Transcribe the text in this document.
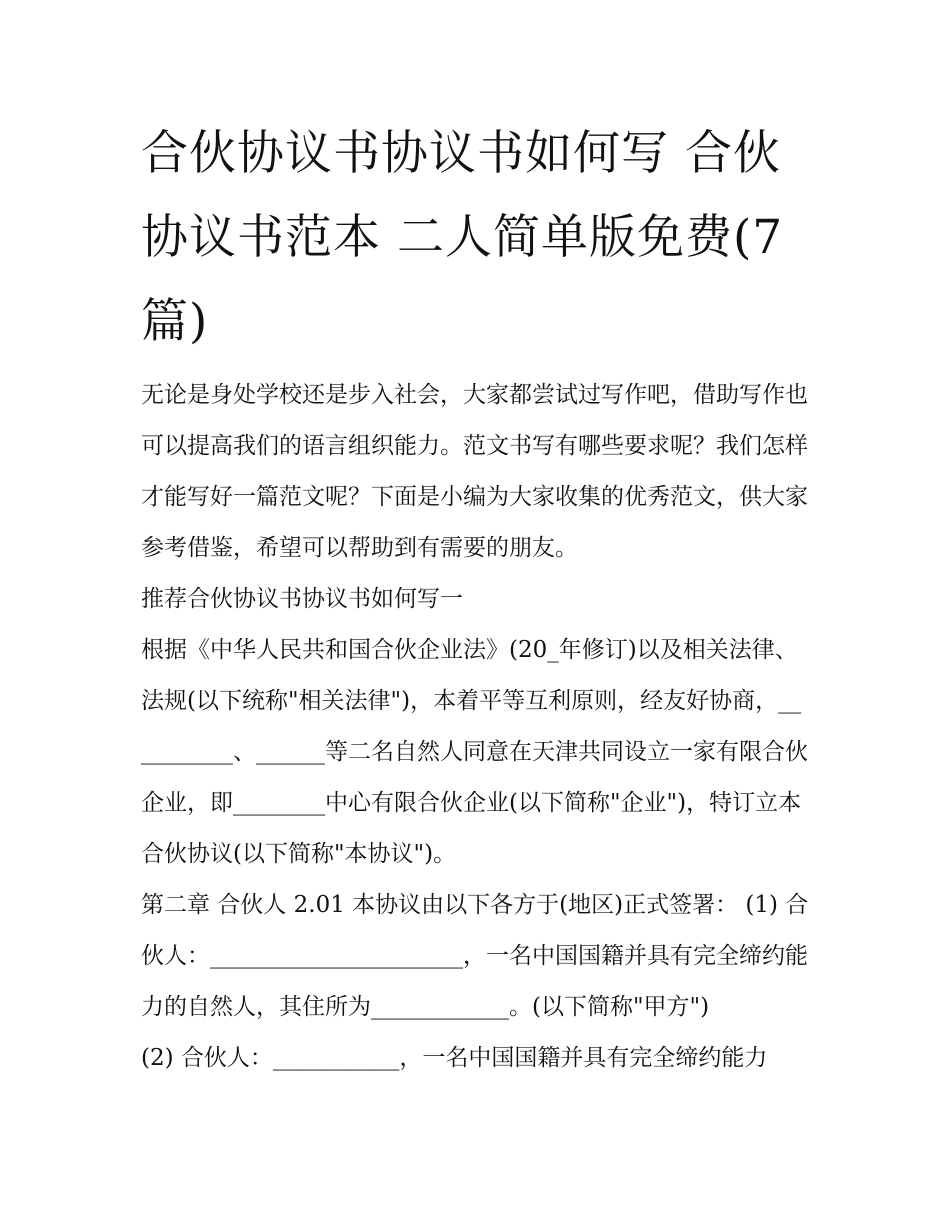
合伙协议书协议书如何写 合伙协议书范本 二人简单版免费(7篇)

无论是身处学校还是步入社会，大家都尝试过写作吧，借助写作也可以提高我们的语言组织能力。范文书写有哪些要求呢？我们怎样才能写好一篇范文呢？下面是小编为大家收集的优秀范文，供大家参考借鉴，希望可以帮助到有需要的朋友。

推荐合伙协议书协议书如何写一

根据《中华人民共和国合伙企业法》(20_年修订)以及相关法律、法规(以下统称"相关法律")，本着平等互利原则，经友好协商，__________、______等二名自然人同意在天津共同设立一家有限合伙企业，即________中心有限合伙企业(以下简称"企业")，特订立本合伙协议(以下简称"本协议")。

第二章 合伙人 2.01 本协议由以下各方于(地区)正式签署： (1) 合伙人：______________________，一名中国国籍并具有完全缔约能力的自然人，其住所为____________。(以下简称"甲方")

(2) 合伙人：___________，一名中国国籍并具有完全缔约能力
